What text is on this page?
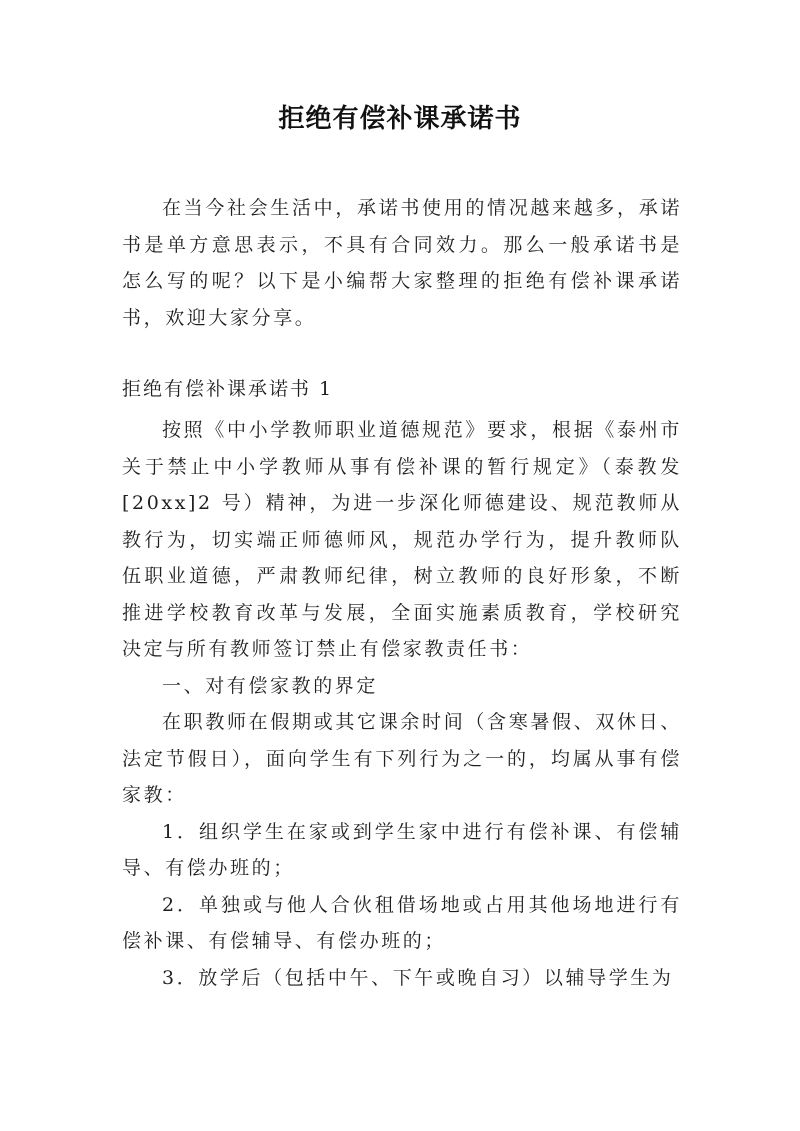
拒绝有偿补课承诺书

在当今社会生活中，承诺书使用的情况越来越多，承诺书是单方意思表示，不具有合同效力。那么一般承诺书是怎么写的呢？以下是小编帮大家整理的拒绝有偿补课承诺书，欢迎大家分享。

拒绝有偿补课承诺书 1

按照《中小学教师职业道德规范》要求，根据《泰州市关于禁止中小学教师从事有偿补课的暂行规定》（泰教发[20xx]2 号）精神，为进一步深化师德建设、规范教师从教行为，切实端正师德师风，规范办学行为，提升教师队伍职业道德，严肃教师纪律，树立教师的良好形象，不断推进学校教育改革与发展，全面实施素质教育，学校研究决定与所有教师签订禁止有偿家教责任书：

一、对有偿家教的界定

在职教师在假期或其它课余时间（含寒暑假、双休日、法定节假日），面向学生有下列行为之一的，均属从事有偿家教：

1．组织学生在家或到学生家中进行有偿补课、有偿辅导、有偿办班的；

2．单独或与他人合伙租借场地或占用其他场地进行有偿补课、有偿辅导、有偿办班的；

3．放学后（包括中午、下午或晚自习）以辅导学生为
